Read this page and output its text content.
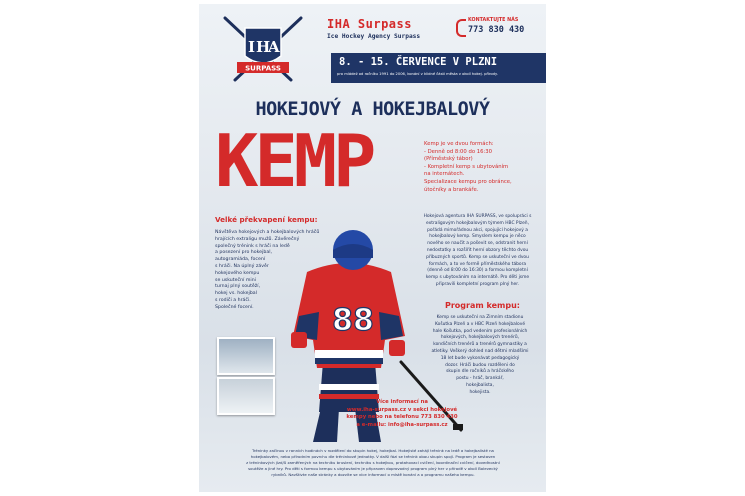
I H
A
SURPASS
IHA Surpass
Ice Hockey Agency Surpass
KONTAKTUJTE NÁS
773 830 430
8. - 15. ČERVENCE V PLZNI
pro mládež od ročníku 1991 do 2006, konání v klidné části města v okolí hokej. přírody.
HOKEJOVÝ A HOKEJBALOVÝ
KEMP	Kemp je ve dvou formách:
- Denně od 8:00 do 16:30
(Příměstský tábor)
- Kompletní kemp s ubytováním
na internátech.
Specializace kempu pro obránce,
útočníky a brankáře.
88
Velké překvapení kempu:
Návštěva hokejových a hokejbalových hráčů
hrajících extraligu mužů. Závěrečný
společný trénink s hráči na ledě
a posezení pro hokejbal,
autogramiáda, focení
s hráči. Na úplný závěr
hokejového kempu
se uskuteční mini
turnaj plný soutěží,
hokej vs. hokejbal
s rodiči a hráči.
Společné focení.
Hokejová agentura IHA SURPASS, ve spolupráci s
extraligovým hokejbalovým týmem HBC Plzeň,
pořádá mimořádnou akci, spojující hokejový a
hokejbalový kemp. Smyslem kempu je něco
nového se naučit a poševit se, odstranit herní
nedostatky a rozšířit herní obzory těchto dvou
příbuzných sportů. Kemp se uskuteční ve dvou
formách, a to ve formě příměstského tábora
(denně od 8:00 do 16:30) a formou kompletní
kemp s ubytováním na internátě. Pro děti jsme
připravili kompletní program plný her.
Program kempu:
Kemp se uskuteční na Zimním stadionu
Košutka Plzeň a v HBC Plzeň hokejbalové
hale Košutka, pod vedením profesionálních
hokejových, hokejbalových trenérů,
kondičních trenérů a trenérů gymnastiky a
atletiky. Veškerý dohled nad dětmi mladšími
18 let bude vykonávat pedagogický
dozor. Hráči budou rozděleni do
skupin dle ročníků a hráčského
postu - hráč, brankář,
hokejbalista,
hokejista.
Více informací na
www.iha-surpass.cz v sekci hokejové
kempy nebo na telefonu 773 830 430
a e-mailu: info@iha-surpass.cz
Tréninky začínou v ranních hodinách v rozdělení do skupin hokej, hokejbal. Hokejisté zahájí trénink na ledě a hokejbalisté na
hokejbalovém, nebo přírodním povrchu dle tréninkové jednotky. V další fázi se trénink obou skupin spojí. Program je sestaven
z tréninkových jízd/ů zaměřených na techniku bruslení, techniku s hokejkou, protahovací cvičení, koordinační cvičení, doveďnostní
soutěže a jiné hry. Pro děti s formou kempu s ubytováním je připraven doprovodný program plný her v přírodě v okolí Bolevecký
rybníků. Navštivte naše stránky a dozvíte se více informací o místě konání a o programu našeho kempu.
